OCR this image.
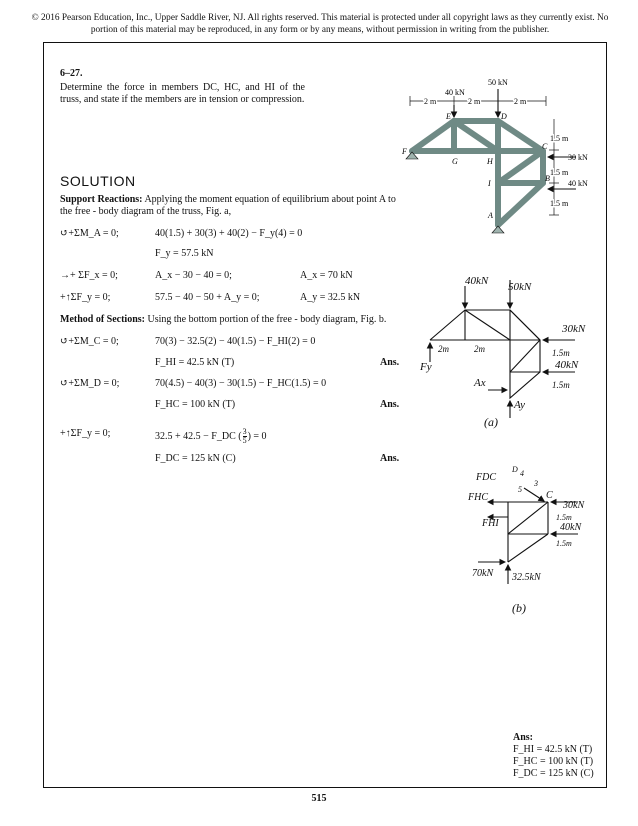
© 2016 Pearson Education, Inc., Upper Saddle River, NJ. All rights reserved. This material is protected under all copyright laws as they currently exist. No portion of this material may be reproduced, in any form or by any means, without permission in writing from the publisher.
6–27.
Determine the force in members DC, HC, and HI of the truss, and state if the members are in tension or compression.
SOLUTION
Support Reactions: Applying the moment equation of equilibrium about point A to the free - body diagram of the truss, Fig. a,
↺+ΣM_A = 0;	40(1.5) + 30(3) + 40(2) − F_y(4) = 0
F_y = 57.5 kN
→+ ΣF_x = 0;	A_x − 30 − 40 = 0;	A_x = 70 kN
+↑ΣF_y = 0;	57.5 − 40 − 50 + A_y = 0;	A_y = 32.5 kN
Method of Sections: Using the bottom portion of the free - body diagram, Fig. b.
↺+ΣM_C = 0;	70(3) − 32.5(2) − 40(1.5) − F_HI(2) = 0
F_HI = 42.5 kN (T)	Ans.
↺+ΣM_D = 0;	70(4.5) − 40(3) − 30(1.5) − F_HC(1.5) = 0
F_HC = 100 kN (T)	Ans.
+↑ΣF_y = 0;	32.5 + 42.5 − F_DC ( $\frac{3}{5}$ ) = 0
F_DC = 125 kN (C)	Ans.
40 kN
50 kN
2 m	2 m	2 m
1.5 m
1.5 m
1.5 m
30 kN
40 kN
E	D
F
G	H
C
B
I
A
40kN 50kN
30kN
1.5m
40kN
1.5m
2m	2m
Fy
Ax
Ay
(a)
FDC
D 4
3
5
C
FHC
FHI
30kN
1.5m
40kN
1.5m
70kN 32.5kN
(b)
Ans:
F_HI = 42.5 kN (T)
F_HC = 100 kN (T)
F_DC = 125 kN (C)
515
